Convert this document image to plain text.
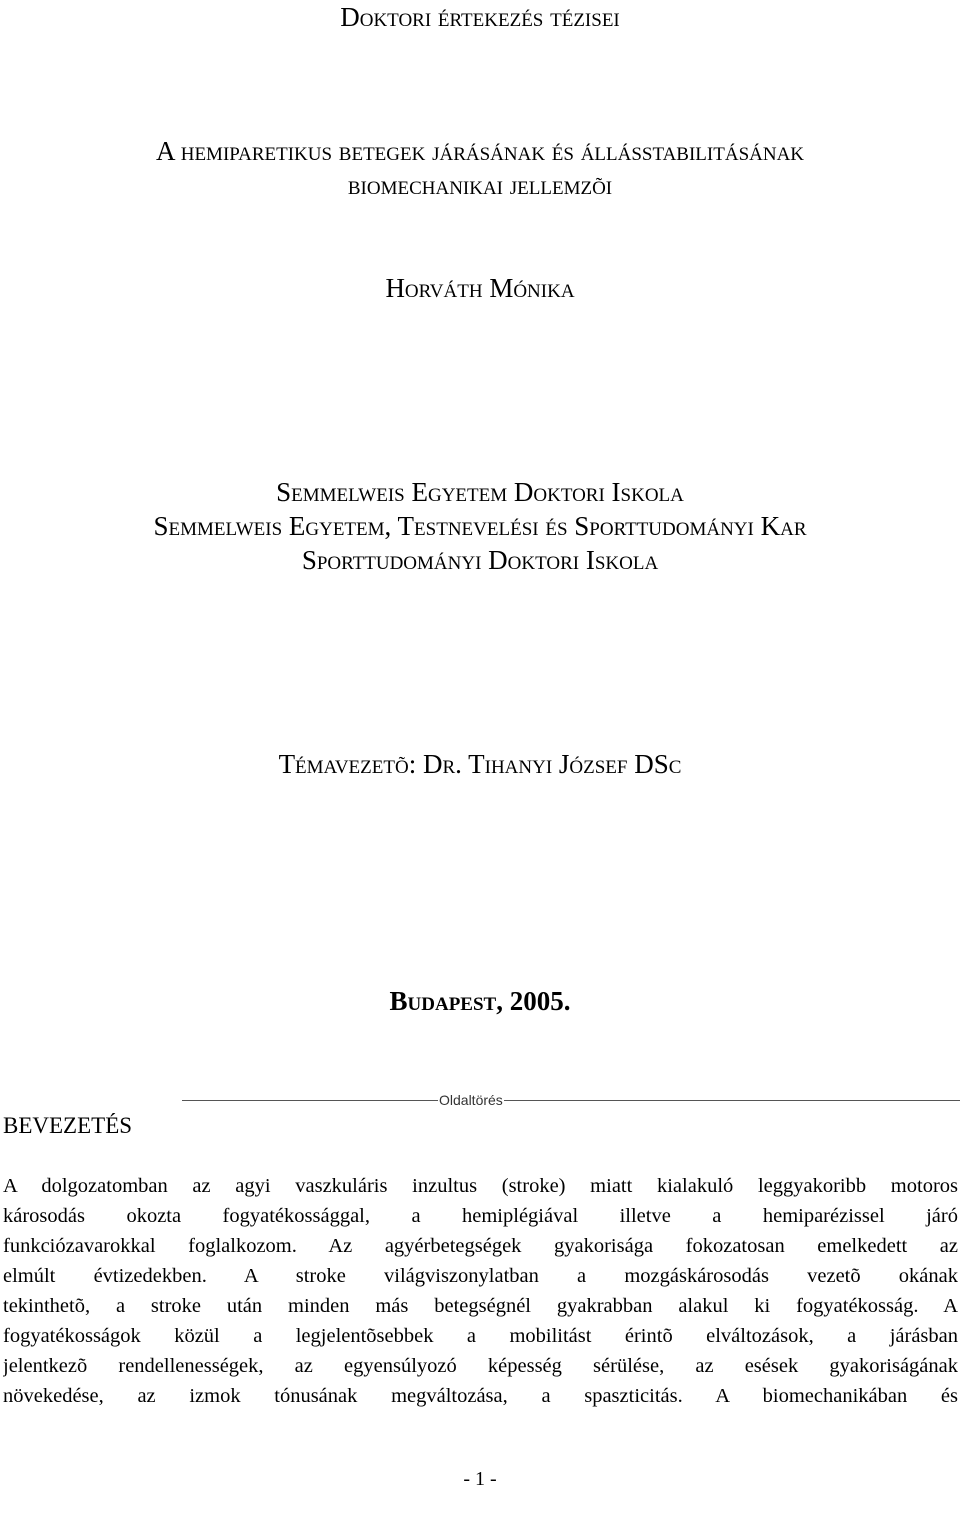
Doktori értekezés tézisei
A hemiparetikus betegek járásának és állásstabilitásának
biomechanikai jellemzõi
Horváth Mónika
Semmelweis Egyetem Doktori Iskola
Semmelweis Egyetem, Testnevelési és Sporttudományi Kar
Sporttudományi Doktori Iskola
Témavezetõ: Dr. Tihanyi József DSc
Budapest, 2005.
Oldaltörés
BEVEZETÉS
A dolgozatomban az agyi vaszkuláris inzultus (stroke) miatt kialakuló leggyakoribb motoros
károsodás okozta fogyatékossággal, a hemiplégiával illetve a hemiparézissel járó
funkciózavarokkal foglalkozom. Az agyérbetegségek gyakorisága fokozatosan emelkedett az
elmúlt évtizedekben. A stroke világviszonylatban a mozgáskárosodás vezetõ okának
tekinthetõ, a stroke után minden más betegségnél gyakrabban alakul ki fogyatékosság. A
fogyatékosságok közül a legjelentõsebbek a mobilitást érintõ elváltozások, a járásban
jelentkezõ rendellenességek, az egyensúlyozó képesség sérülése, az esések gyakoriságának
növekedése, az izmok tónusának megváltozása, a spaszticitás. A biomechanikában és
- 1 -
